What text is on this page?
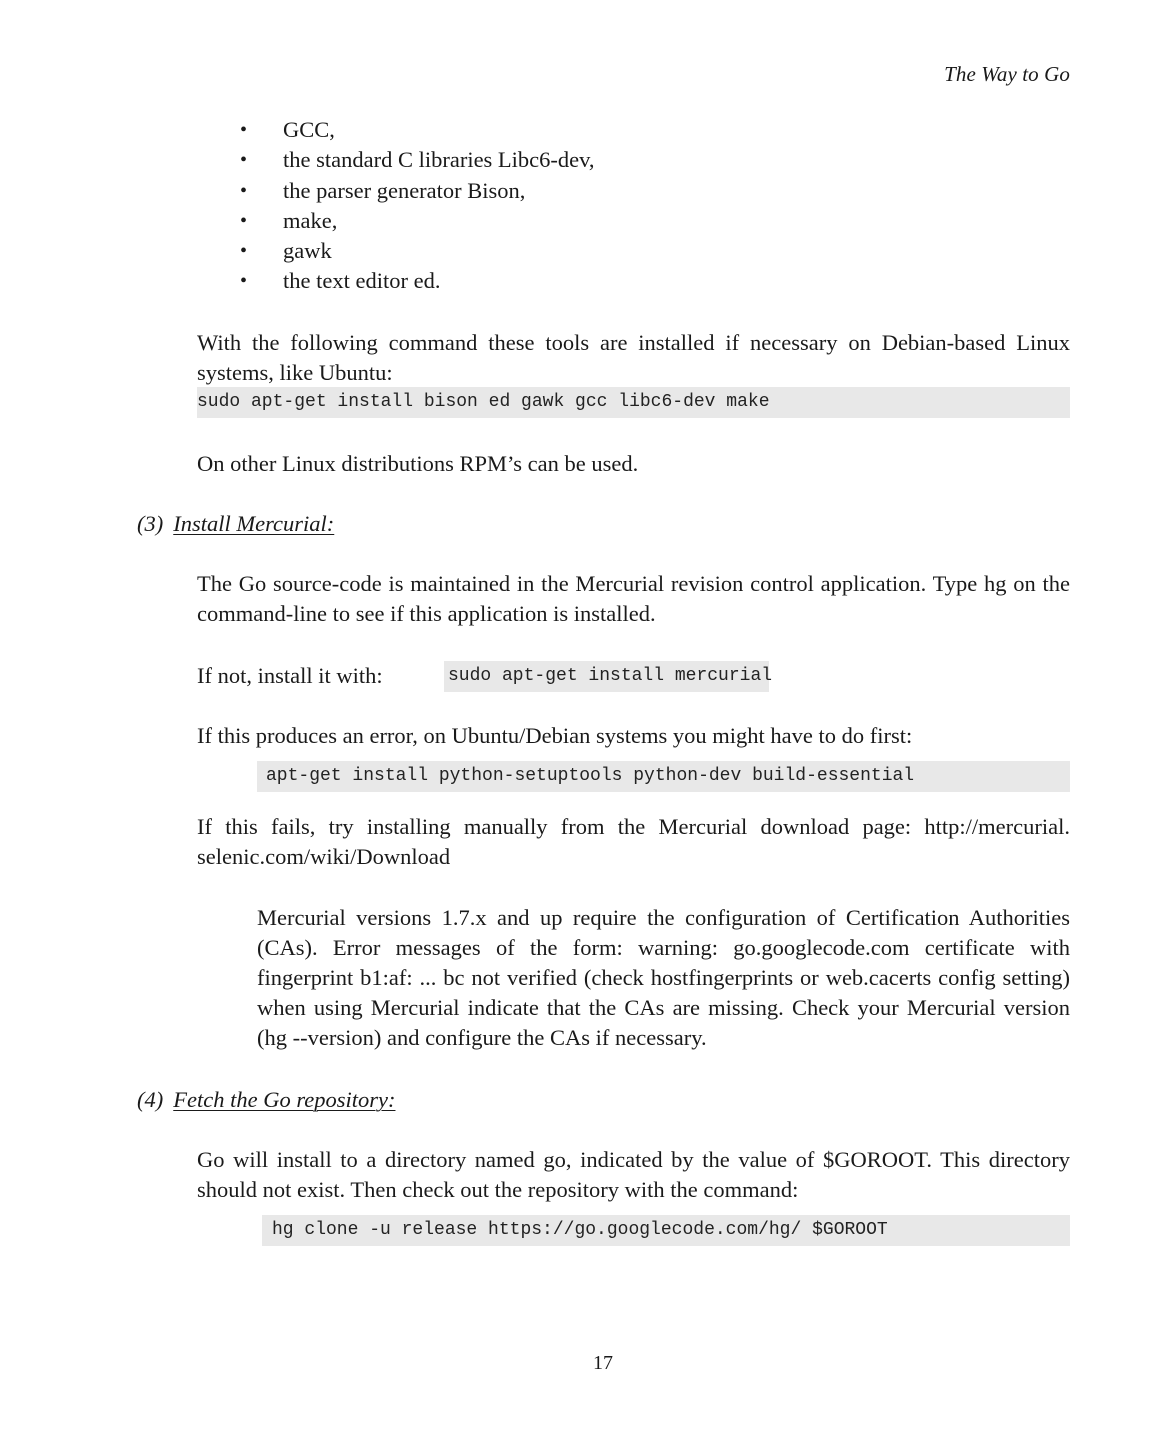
The Way to Go
• GCC,
• the standard C libraries Libc6-dev,
• the parser generator Bison,
• make,
• gawk
• the text editor ed.
With the following command these tools are installed if necessary on Debian-based Linux systems, like Ubuntu:
sudo apt-get install bison ed gawk gcc libc6-dev make
On other Linux distributions RPM’s can be used.
(3) Install Mercurial:
The Go source-code is maintained in the Mercurial revision control application. Type hg on the command-line to see if this application is installed.
If not, install it with:	sudo apt-get install mercurial
If this produces an error, on Ubuntu/Debian systems you might have to do first:
apt-get install python-setuptools python-dev build-essential
If this fails, try installing manually from the Mercurial download page: http://mercurial. selenic.com/wiki/Download
Mercurial versions 1.7.x and up require the configuration of Certification Authorities (CAs). Error messages of the form: warning: go.googlecode.com certificate with fingerprint b1:af: ... bc not verified (check hostfingerprints or web.cacerts config setting) when using Mercurial indicate that the CAs are missing. Check your Mercurial version (hg --version) and configure the CAs if necessary.
(4) Fetch the Go repository:
Go will install to a directory named go, indicated by the value of $GOROOT. This directory should not exist. Then check out the repository with the command:
hg clone -u release https://go.googlecode.com/hg/ $GOROOT
17
